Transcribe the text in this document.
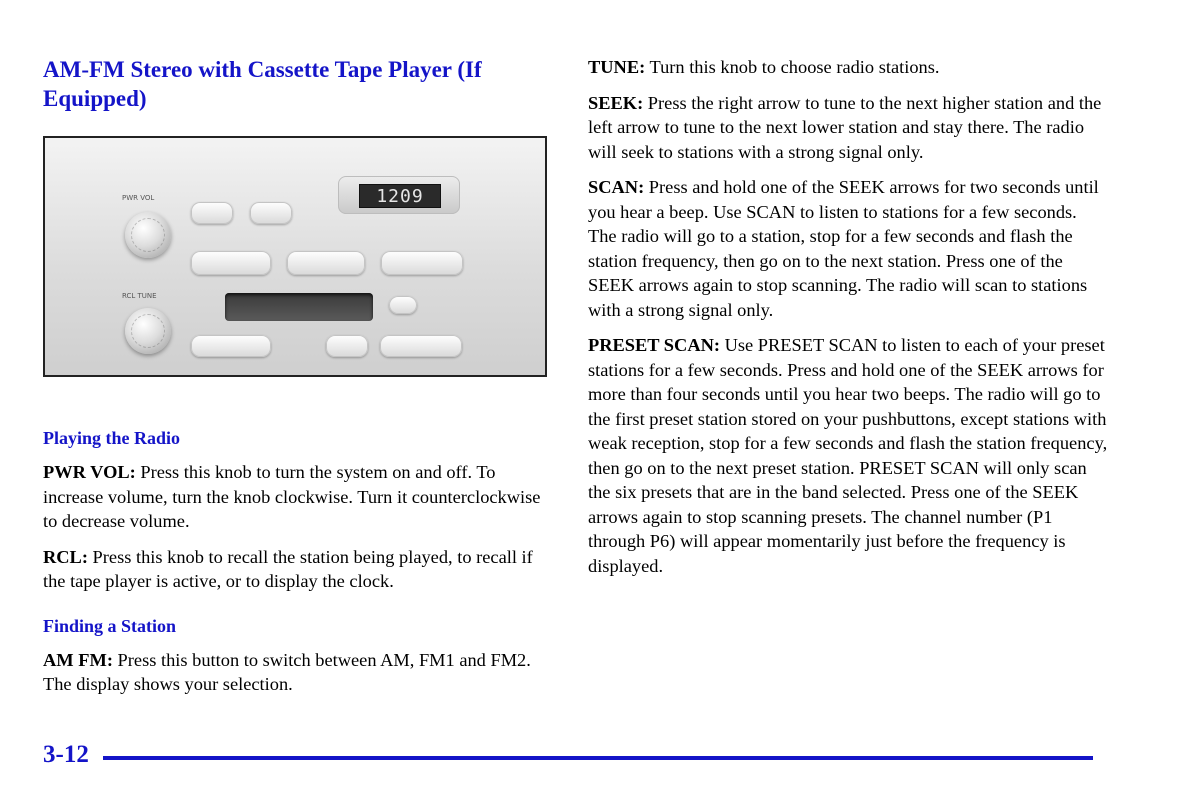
AM-FM Stereo with Cassette Tape Player (If Equipped)
PWR VOL
RCL TUNE
1209
Playing the Radio

PWR VOL: Press this knob to turn the system on and off. To increase volume, turn the knob clockwise. Turn it counterclockwise to decrease volume.

RCL: Press this knob to recall the station being played, to recall if the tape player is active, or to display the clock.

Finding a Station

AM FM: Press this button to switch between AM, FM1 and FM2. The display shows your selection.

TUNE: Turn this knob to choose radio stations.

SEEK: Press the right arrow to tune to the next higher station and the left arrow to tune to the next lower station and stay there. The radio will seek to stations with a strong signal only.

SCAN: Press and hold one of the SEEK arrows for two seconds until you hear a beep. Use SCAN to listen to stations for a few seconds. The radio will go to a station, stop for a few seconds and flash the station frequency, then go on to the next station. Press one of the SEEK arrows again to stop scanning. The radio will scan to stations with a strong signal only.

PRESET SCAN: Use PRESET SCAN to listen to each of your preset stations for a few seconds. Press and hold one of the SEEK arrows for more than four seconds until you hear two beeps. The radio will go to the first preset station stored on your pushbuttons, except stations with weak reception, stop for a few seconds and flash the station frequency, then go on to the next preset station. PRESET SCAN will only scan the six presets that are in the band selected. Press one of the SEEK arrows again to stop scanning presets. The channel number (P1 through P6) will appear momentarily just before the frequency is displayed.

3-12
